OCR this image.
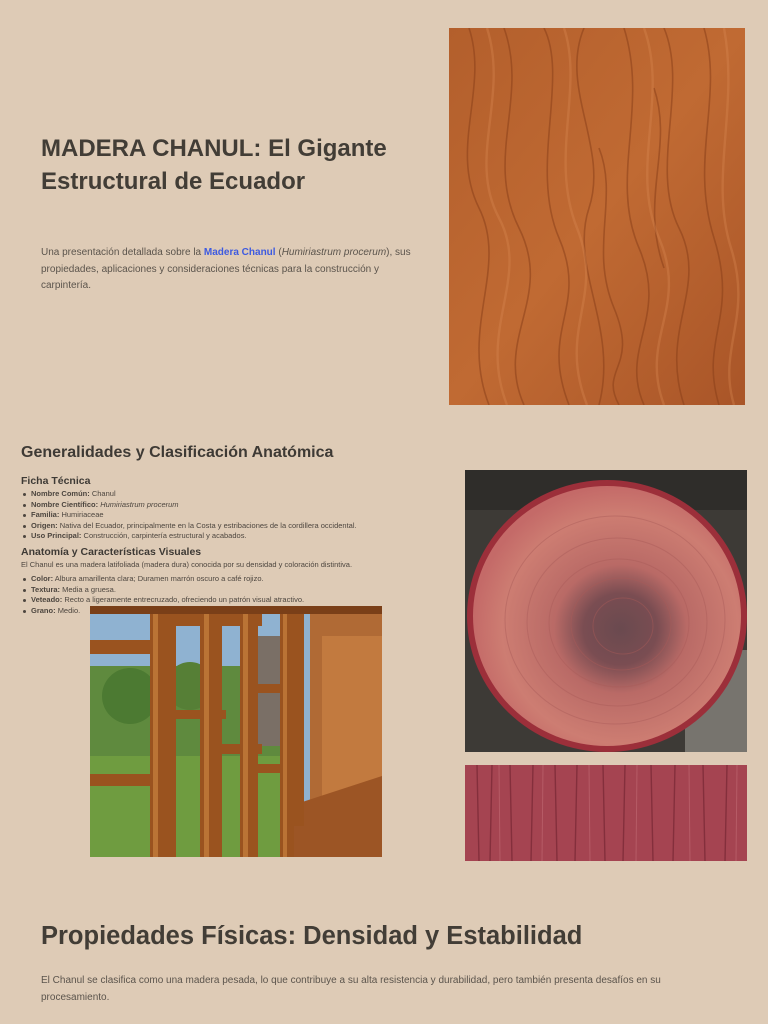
MADERA CHANUL: El Gigante Estructural de Ecuador

Una presentación detallada sobre la Madera Chanul (Humiriastrum procerum), sus propiedades, aplicaciones y consideraciones técnicas para la construcción y carpintería.

Generalidades y Clasificación Anatómica
Ficha Técnica
Nombre Común: Chanul
Nombre Científico: Humiriastrum procerum
Familia: Humiriaceae
Origen: Nativa del Ecuador, principalmente en la Costa y estribaciones de la cordillera occidental.
Uso Principal: Construcción, carpintería estructural y acabados.
Anatomía y Características Visuales
El Chanul es una madera latifoliada (madera dura) conocida por su densidad y coloración distintiva.
Color: Albura amarillenta clara; Duramen marrón oscuro a café rojizo.
Textura: Media a gruesa.
Veteado: Recto a ligeramente entrecruzado, ofreciendo un patrón visual atractivo.
Grano: Medio.
Propiedades Físicas: Densidad y Estabilidad
El Chanul se clasifica como una madera pesada, lo que contribuye a su alta resistencia y durabilidad, pero también presenta desafíos en su procesamiento.
